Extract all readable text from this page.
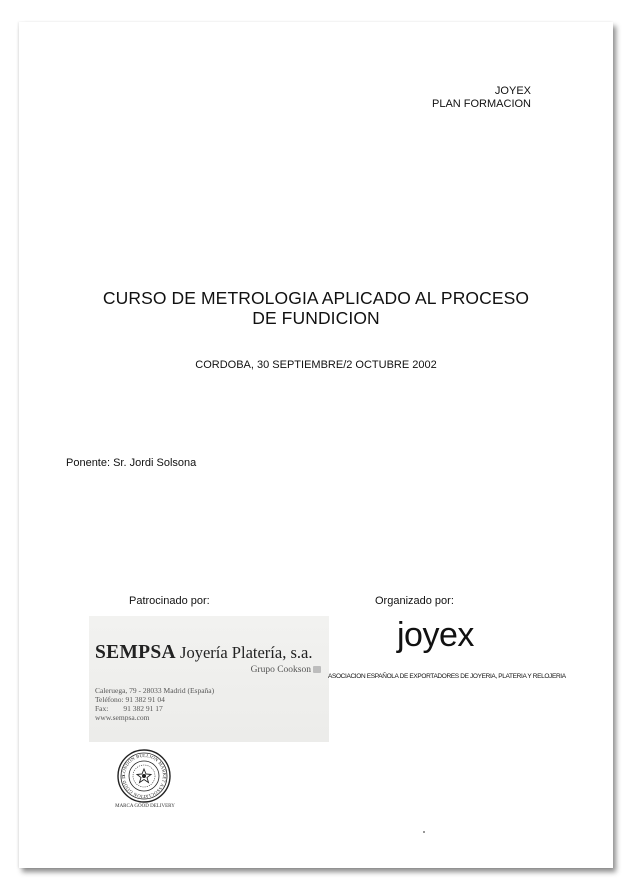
JOYEX
PLAN FORMACION
CURSO DE METROLOGIA APLICADO AL PROCESO
DE FUNDICION
CORDOBA, 30 SEPTIEMBRE/2 OCTUBRE 2002
Ponente: Sr. Jordi Solsona
Patrocinado por:	Organizado por:
SEMPSA Joyería Platería, s.a.
Grupo Cookson
Caleruega, 79 - 28033 Madrid (España)
Teléfono: 91 382 91 04
Fax:        91 382 91 17
www.sempsa.com
joyex
ASOCIACION ESPAÑOLA DE EXPORTADORES DE JOYERIA, PLATERIA Y RELOJERIA
LONDON BULLION MARKET ASSOCIATION GOOD D
MARCA GOOD DELIVERY
